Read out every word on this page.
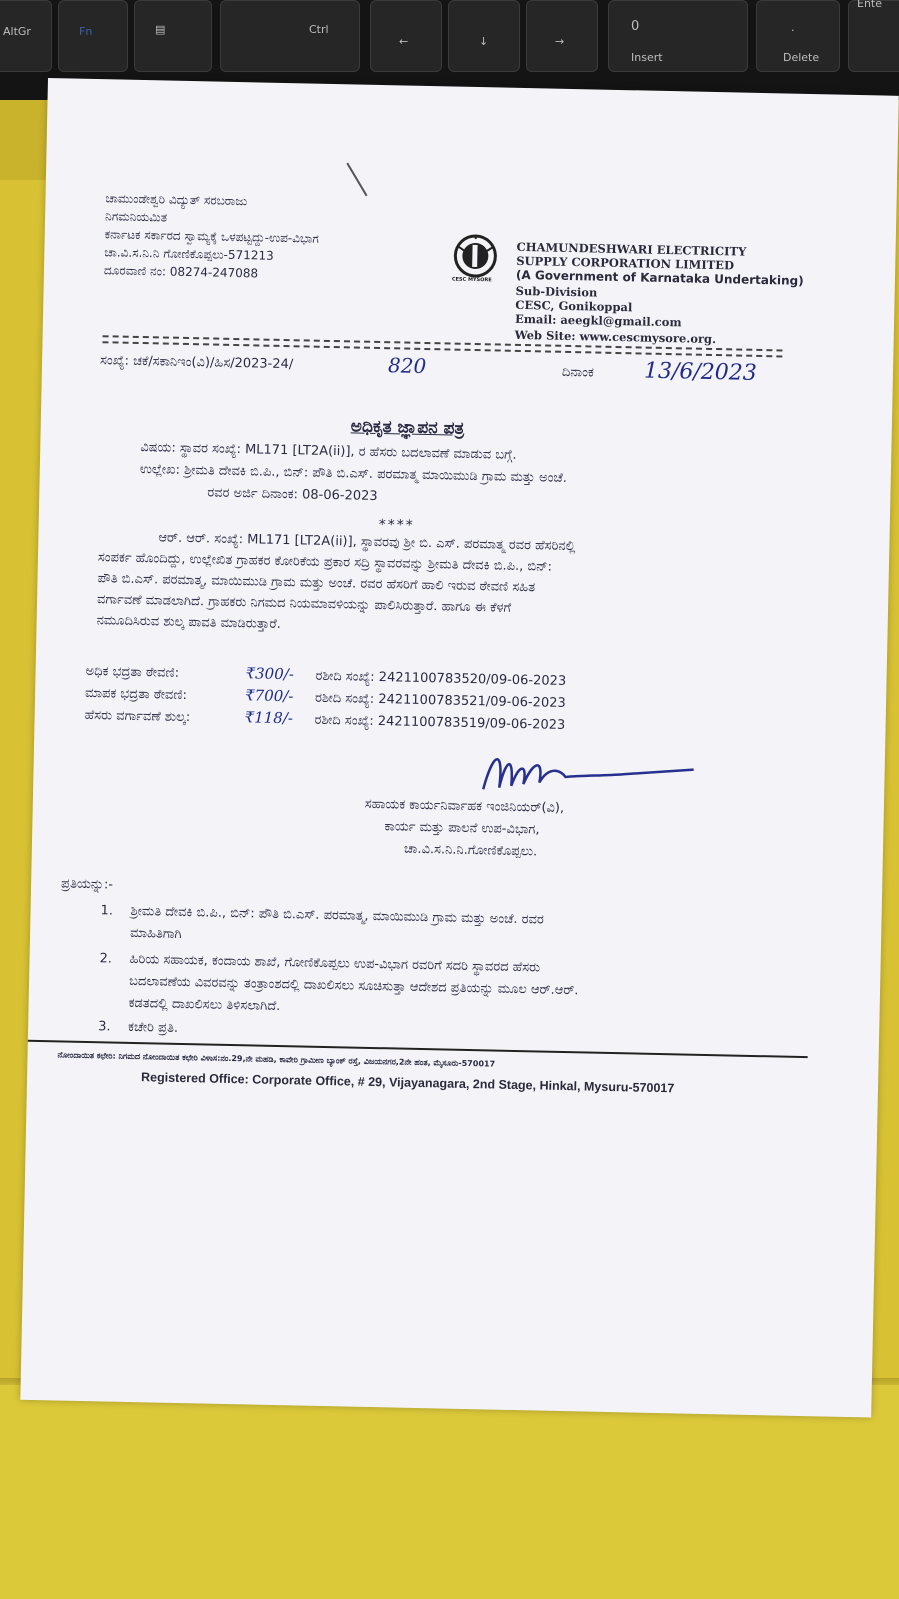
AltGr	Fn	▤	Ctrl
←	↓	→
0
Insert
.
Delete
Ente
ಚಾಮುಂಡೇಶ್ವರಿ ವಿದ್ಯುತ್ ಸರಬರಾಜು
ನಿಗಮನಿಯಮಿತ
ಕರ್ನಾಟಕ ಸರ್ಕಾರದ ಸ್ವಾಮ್ಯಕ್ಕೆ ಒಳಪಟ್ಟದ್ದು-ಉಪ-ವಿಭಾಗ
ಚಾ.ವಿ.ಸ.ನಿ.ನಿ ಗೋಣಿಕೊಪ್ಪಲು-571213
ದೂರವಾಣಿ ನಂ: 08274-247088	CESC MYSORE
CHAMUNDESHWARI ELECTRICITY
SUPPLY CORPORATION LIMITED
(A Government of Karnataka Undertaking)
Sub-Division
CESC, Gonikoppal
Email: aeegkl@gmail.com
Web Site: www.cescmysore.org.
ಸಂಖ್ಯೆ: ಚಕೆ/ಸಕಾನಿಇಂ(ವಿ)/ಹಿಸ/2023-24/	820	ದಿನಾಂಕ 13/6/2023
ಅಧಿಕೃತ ಜ್ಞಾಪನ ಪತ್ರ
ವಿಷಯ: ಸ್ಥಾವರ ಸಂಖ್ಯೆ: ML171 [LT2A(ii)], ರ ಹೆಸರು ಬದಲಾವಣೆ ಮಾಡುವ ಬಗ್ಗೆ.
ಉಲ್ಲೇಖ: ಶ್ರೀಮತಿ ದೇವಕಿ ಬಿ.ಪಿ., ಬಿನ್: ಪೌತಿ ಬಿ.ಎಸ್. ಪರಮಾತ್ಮ ಮಾಯಿಮುಡಿ ಗ್ರಾಮ ಮತ್ತು ಅಂಚೆ.
ರವರ ಅರ್ಜಿ ದಿನಾಂಕ: 08-06-2023
****
ಆರ್. ಆರ್. ಸಂಖ್ಯೆ: ML171 [LT2A(ii)], ಸ್ಥಾವರವು ಶ್ರೀ ಬಿ. ಎಸ್. ಪರಮಾತ್ಮ ರವರ ಹೆಸರಿನಲ್ಲಿ
ಸಂಪರ್ಕ ಹೊಂದಿದ್ದು, ಉಲ್ಲೇಖಿತ ಗ್ರಾಹಕರ ಕೋರಿಕೆಯ ಪ್ರಕಾರ ಸದ್ರಿ ಸ್ಥಾವರವನ್ನು ಶ್ರೀಮತಿ ದೇವಕಿ ಬಿ.ಪಿ., ಬಿನ್:
ಪೌತಿ ಬಿ.ಎಸ್. ಪರಮಾತ್ಮ, ಮಾಯಿಮುಡಿ ಗ್ರಾಮ ಮತ್ತು ಅಂಚೆ. ರವರ ಹೆಸರಿಗೆ ಹಾಲಿ ಇರುವ ಠೇವಣಿ ಸಹಿತ
ವರ್ಗಾವಣೆ ಮಾಡಲಾಗಿದೆ. ಗ್ರಾಹಕರು ನಿಗಮದ ನಿಯಮಾವಳಿಯನ್ನು ಪಾಲಿಸಿರುತ್ತಾರೆ. ಹಾಗೂ ಈ ಕೆಳಗೆ
ನಮೂದಿಸಿರುವ ಶುಲ್ಕ ಪಾವತಿ ಮಾಡಿರುತ್ತಾರೆ.
ಅಧಿಕ ಭದ್ರತಾ ಠೇವಣಿ:	₹300/- ರಶೀದಿ ಸಂಖ್ಯೆ: 2421100783520/09-06-2023
ಮಾಪಕ ಭದ್ರತಾ ಠೇವಣಿ:	₹700/- ರಶೀದಿ ಸಂಖ್ಯೆ: 2421100783521/09-06-2023
ಹೆಸರು ವರ್ಗಾವಣೆ ಶುಲ್ಕ:	₹118/- ರಶೀದಿ ಸಂಖ್ಯೆ: 2421100783519/09-06-2023
ಸಹಾಯಕ ಕಾರ್ಯನಿರ್ವಾಹಕ ಇಂಜಿನಿಯರ್(ವಿ),
ಕಾರ್ಯ ಮತ್ತು ಪಾಲನೆ ಉಪ-ವಿಭಾಗ,
ಚಾ.ವಿ.ಸ.ನಿ.ನಿ.ಗೋಣಿಕೊಪ್ಪಲು.
ಪ್ರತಿಯನ್ನು:-
1. ಶ್ರೀಮತಿ ದೇವಕಿ ಬಿ.ಪಿ., ಬಿನ್: ಪೌತಿ ಬಿ.ಎಸ್. ಪರಮಾತ್ಮ, ಮಾಯಿಮುಡಿ ಗ್ರಾಮ ಮತ್ತು ಅಂಚೆ. ರವರ
ಮಾಹಿತಿಗಾಗಿ
2. ಹಿರಿಯ ಸಹಾಯಕ, ಕಂದಾಯ ಶಾಖೆ, ಗೋಣಿಕೊಪ್ಪಲು ಉಪ-ವಿಭಾಗ ರವರಿಗೆ ಸದರಿ ಸ್ಥಾವರದ ಹೆಸರು
ಬದಲಾವಣೆಯ ವಿವರವನ್ನು ತಂತ್ರಾಂಶದಲ್ಲಿ ದಾಖಲಿಸಲು ಸೂಚಿಸುತ್ತಾ ಆದೇಶದ ಪ್ರತಿಯನ್ನು ಮೂಲ ಆರ್.ಆರ್.
ಕಡತದಲ್ಲಿ ದಾಖಲಿಸಲು ತಿಳಿಸಲಾಗಿದೆ.
3. ಕಚೇರಿ ಪ್ರತಿ.
ನೋಂದಾಯಿತ ಕಛೇರಿ: ನಿಗಮದ ನೋಂದಾಯಿತ ಕಛೇರಿ ವಿಳಾಸ:ನಂ.29,ನೇ ಮಹಡಿ, ಕಾವೇರಿ ಗ್ರಾಮೀಣ ಬ್ಯಾಂಕ್ ರಸ್ತೆ, ವಿಜಯನಗರ,2ನೇ ಹಂತ, ಮೈಸೂರು-570017
Registered Office: Corporate Office, # 29, Vijayanagara, 2nd Stage, Hinkal, Mysuru-570017
